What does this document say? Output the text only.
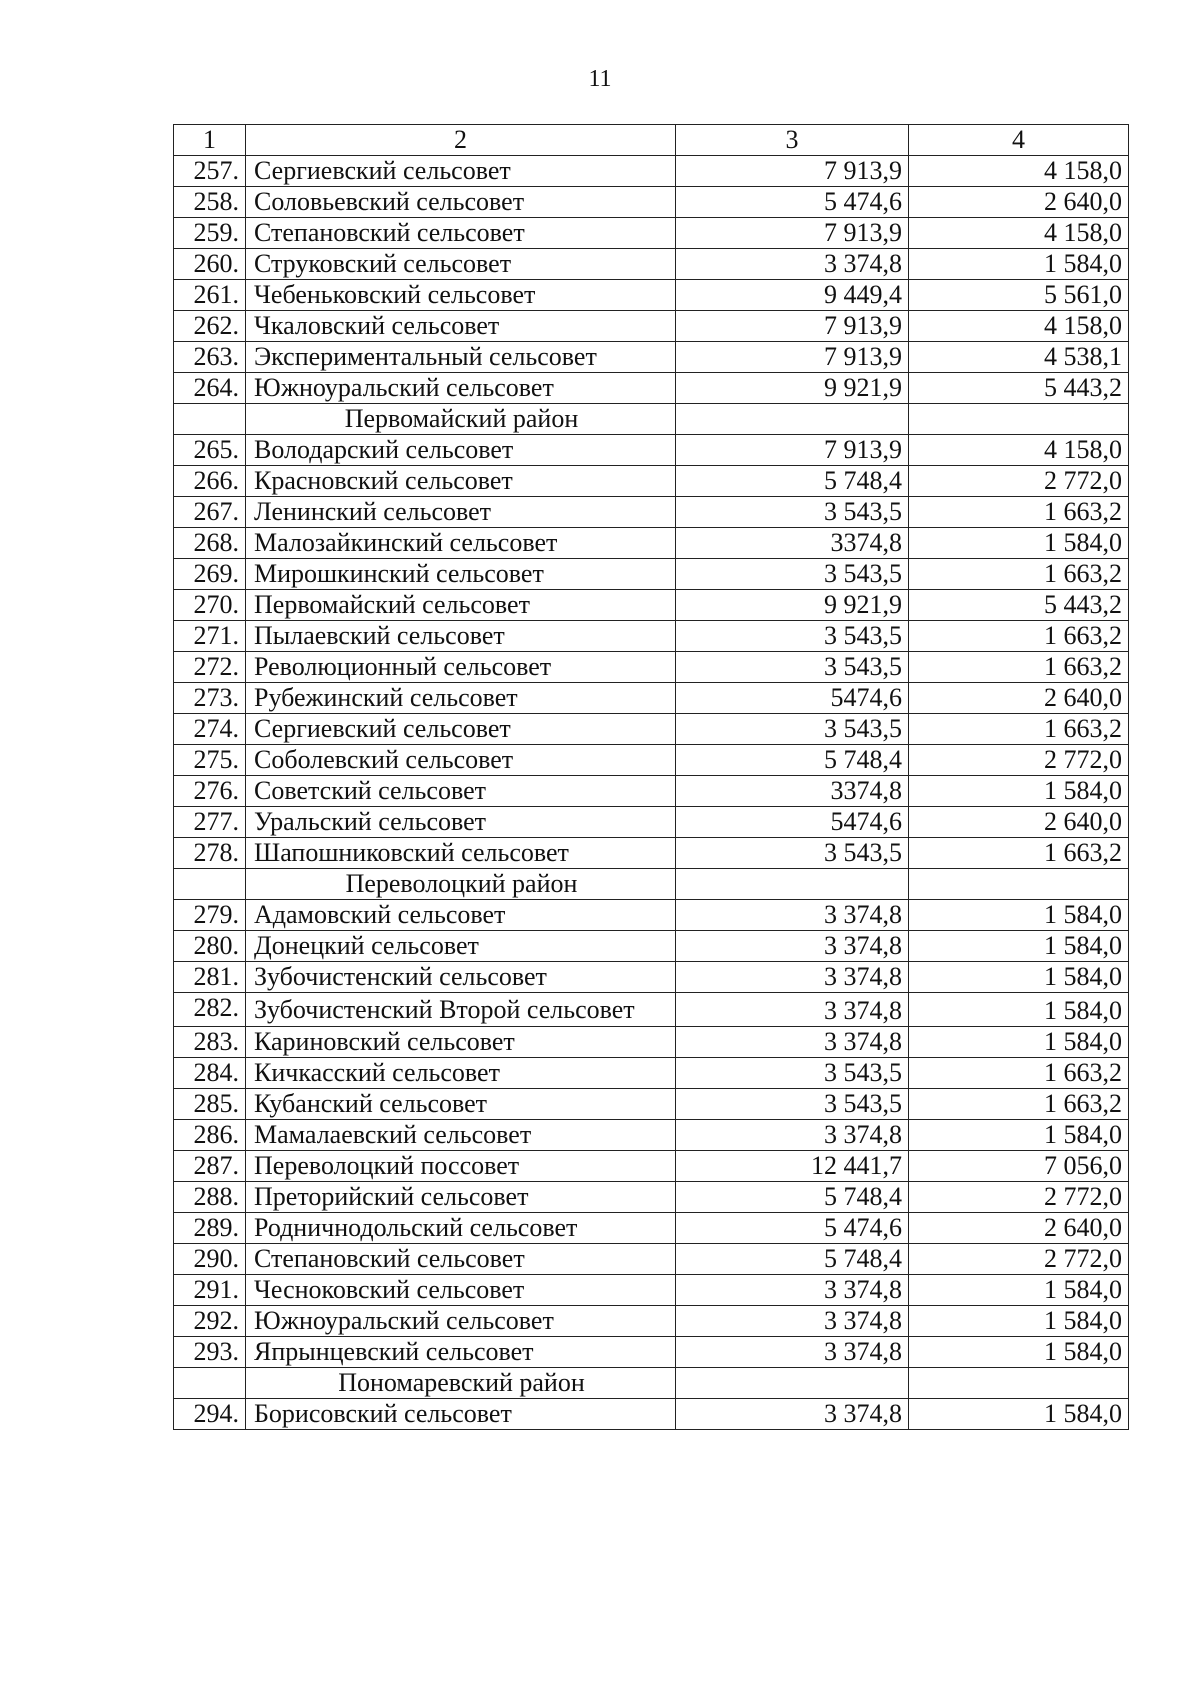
11
1	2	3	4
257.	Сергиевский сельсовет	7 913,9	4 158,0
258.	Соловьевский сельсовет	5 474,6	2 640,0
259.	Степановский сельсовет	7 913,9	4 158,0
260.	Струковский сельсовет	3 374,8	1 584,0
261.	Чебеньковский сельсовет	9 449,4	5 561,0
262.	Чкаловский сельсовет	7 913,9	4 158,0
263.	Экспериментальный сельсовет	7 913,9	4 538,1
264.	Южноуральский сельсовет	9 921,9	5 443,2
	Первомайский район		
265.	Володарский сельсовет	7 913,9	4 158,0
266.	Красновский сельсовет	5 748,4	2 772,0
267.	Ленинский сельсовет	3 543,5	1 663,2
268.	Малозайкинский сельсовет	3374,8	1 584,0
269.	Мирошкинский сельсовет	3 543,5	1 663,2
270.	Первомайский сельсовет	9 921,9	5 443,2
271.	Пылаевский сельсовет	3 543,5	1 663,2
272.	Революционный сельсовет	3 543,5	1 663,2
273.	Рубежинский сельсовет	5474,6	2 640,0
274.	Сергиевский сельсовет	3 543,5	1 663,2
275.	Соболевский сельсовет	5 748,4	2 772,0
276.	Советский сельсовет	3374,8	1 584,0
277.	Уральский сельсовет	5474,6	2 640,0
278.	Шапошниковский сельсовет	3 543,5	1 663,2
	Переволоцкий район		
279.	Адамовский сельсовет	3 374,8	1 584,0
280.	Донецкий сельсовет	3 374,8	1 584,0
281.	Зубочистенский сельсовет	3 374,8	1 584,0
282.	Зубочистенский Второй сельсовет	3 374,8	1 584,0
283.	Кариновский сельсовет	3 374,8	1 584,0
284.	Кичкасский сельсовет	3 543,5	1 663,2
285.	Кубанский сельсовет	3 543,5	1 663,2
286.	Мамалаевский сельсовет	3 374,8	1 584,0
287.	Переволоцкий поссовет	12 441,7	7 056,0
288.	Преторийский сельсовет	5 748,4	2 772,0
289.	Родничнодольский сельсовет	5 474,6	2 640,0
290.	Степановский сельсовет	5 748,4	2 772,0
291.	Чесноковский сельсовет	3 374,8	1 584,0
292.	Южноуральский сельсовет	3 374,8	1 584,0
293.	Япрынцевский сельсовет	3 374,8	1 584,0
	Пономаревский район		
294.	Борисовский сельсовет	3 374,8	1 584,0
